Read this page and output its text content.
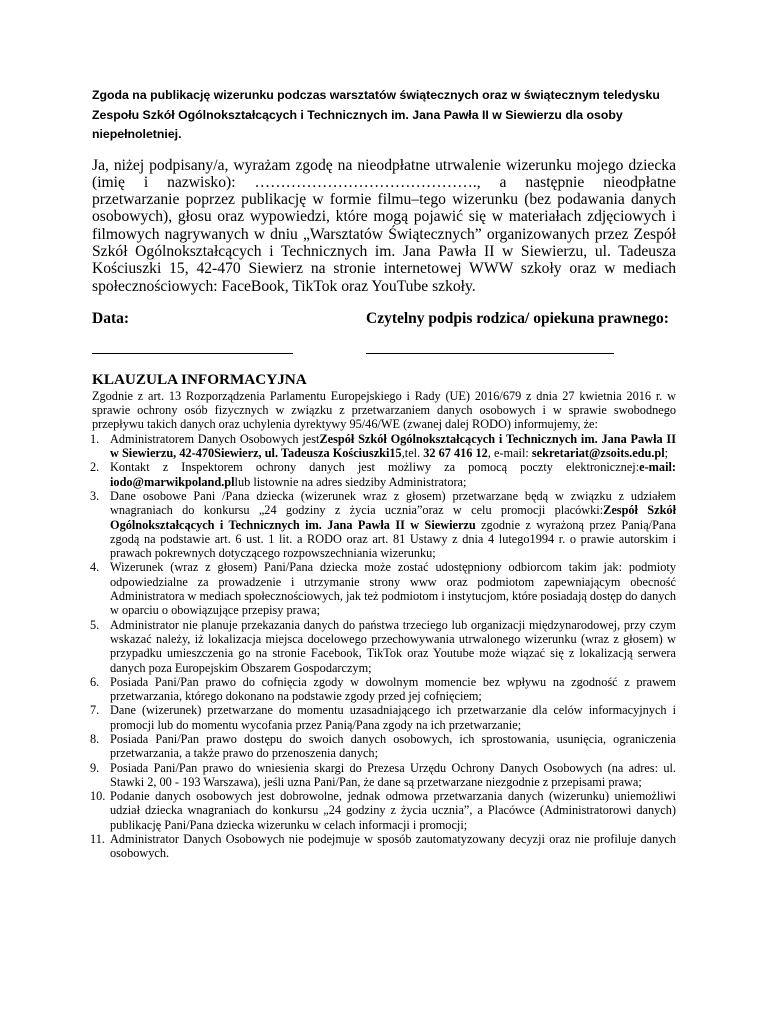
Zgoda na publikację wizerunku podczas warsztatów świątecznych oraz w świątecznym teledysku Zespołu Szkół Ogólnokształcących i Technicznych im. Jana Pawła II w Siewierzu dla osoby niepełnoletniej.

Ja, niżej podpisany/a, wyrażam zgodę na nieodpłatne utrwalenie wizerunku mojego dziecka (imię i nazwisko): ……………………………………., a następnie nieodpłatne przetwarzanie poprzez publikację w formie filmu–tego wizerunku (bez podawania danych osobowych), głosu oraz wypowiedzi, które mogą pojawić się w materiałach zdjęciowych i filmowych nagrywanych w dniu „Warsztatów Świątecznych” organizowanych przez Zespół Szkół Ogólnokształcących i Technicznych im. Jana Pawła II w Siewierzu, ul. Tadeusza Kościuszki 15, 42-470 Siewierz na stronie internetowej WWW szkoły oraz w mediach społecznościowych: FaceBook, TikTok oraz YouTube szkoły.

Data:	Czytelny podpis rodzica/ opiekuna prawnego:

KLAUZULA INFORMACYJNA

Zgodnie z art. 13 Rozporządzenia Parlamentu Europejskiego i Rady (UE) 2016/679 z dnia 27 kwietnia 2016 r. w sprawie ochrony osób fizycznych w związku z przetwarzaniem danych osobowych i w sprawie swobodnego przepływu takich danych oraz uchylenia dyrektywy 95/46/WE (zwanej dalej RODO) informujemy, że:

1. Administratorem Danych Osobowych jestZespół Szkół Ogólnokształcących i Technicznych im. Jana Pawła II w Siewierzu, 42-470Siewierz, ul. Tadeusza Kościuszki15,tel. 32 67 416 12, e-mail: sekretariat@zsoits.edu.pl;
2. Kontakt z Inspektorem ochrony danych jest możliwy za pomocą poczty elektronicznej:e-mail: iodo@marwikpoland.pllub listownie na adres siedziby Administratora;
3. Dane osobowe Pani /Pana dziecka (wizerunek wraz z głosem) przetwarzane będą w związku z udziałem wnagraniach do konkursu „24 godziny z życia ucznia”oraz w celu promocji placówki:Zespół Szkół Ogólnokształcących i Technicznych im. Jana Pawła II w Siewierzu zgodnie z wyrażoną przez Panią/Pana zgodą na podstawie art. 6 ust. 1 lit. a RODO oraz art. 81 Ustawy z dnia 4 lutego1994 r. o prawie autorskim i prawach pokrewnych dotyczącego rozpowszechniania wizerunku;
4. Wizerunek (wraz z głosem) Pani/Pana dziecka może zostać udostępniony odbiorcom takim jak: podmioty odpowiedzialne za prowadzenie i utrzymanie strony www oraz podmiotom zapewniającym obecność Administratora w mediach społecznościowych, jak też podmiotom i instytucjom, które posiadają dostęp do danych w oparciu o obowiązujące przepisy prawa;
5. Administrator nie planuje przekazania danych do państwa trzeciego lub organizacji międzynarodowej, przy czym wskazać należy, iż lokalizacja miejsca docelowego przechowywania utrwalonego wizerunku (wraz z głosem) w przypadku umieszczenia go na stronie Facebook, TikTok oraz Youtube może wiązać się z lokalizacją serwera danych poza Europejskim Obszarem Gospodarczym;
6. Posiada Pani/Pan prawo do cofnięcia zgody w dowolnym momencie bez wpływu na zgodność z prawem przetwarzania, którego dokonano na podstawie zgody przed jej cofnięciem;
7. Dane (wizerunek) przetwarzane do momentu uzasadniającego ich przetwarzanie dla celów informacyjnych i promocji lub do momentu wycofania przez Panią/Pana zgody na ich przetwarzanie;
8. Posiada Pani/Pan prawo dostępu do swoich danych osobowych, ich sprostowania, usunięcia, ograniczenia przetwarzania, a także prawo do przenoszenia danych;
9. Posiada Pani/Pan prawo do wniesienia skargi do Prezesa Urzędu Ochrony Danych Osobowych (na adres: ul. Stawki 2, 00 - 193 Warszawa), jeśli uzna Pani/Pan, że dane są przetwarzane niezgodnie z przepisami prawa;
10. Podanie danych osobowych jest dobrowolne, jednak odmowa przetwarzania danych (wizerunku) uniemożliwi udział dziecka wnagraniach do konkursu „24 godziny z życia ucznia”, a Placówce (Administratorowi danych) publikację Pani/Pana dziecka wizerunku w celach informacji i promocji;
11. Administrator Danych Osobowych nie podejmuje w sposób zautomatyzowany decyzji oraz nie profiluje danych osobowych.
